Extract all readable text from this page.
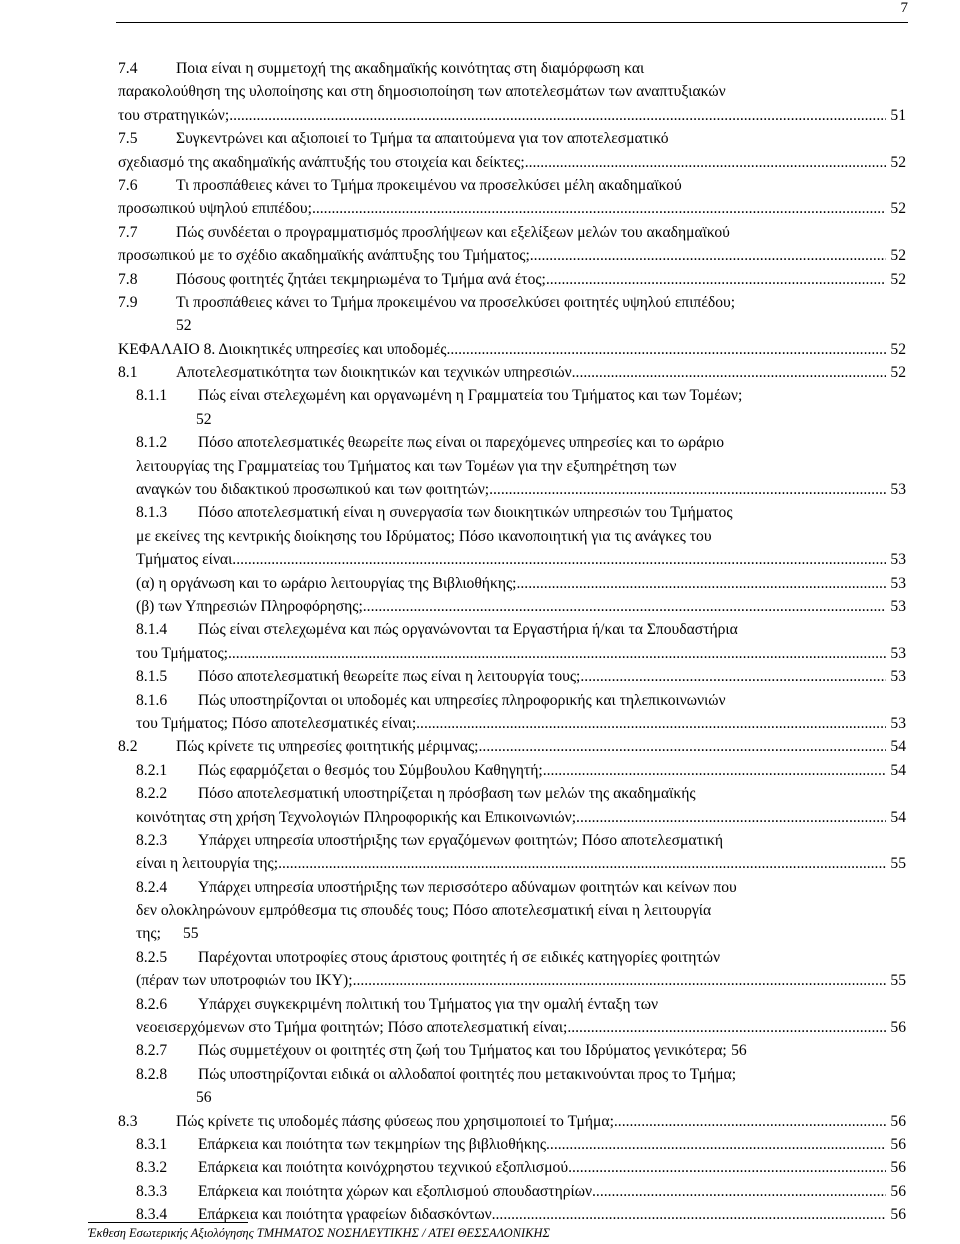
7
7.4 Ποια είναι η συμμετοχή της ακαδημαϊκής κοινότητας στη διαμόρφωση και
παρακολούθηση της υλοποίησης και στη δημοσιοποίηση των αποτελεσμάτων των αναπτυξιακών
του στρατηγικών; .....	51
7.5 Συγκεντρώνει και αξιοποιεί το Τμήμα τα απαιτούμενα για τον αποτελεσματικό
σχεδιασμό της ακαδημαϊκής ανάπτυξής του στοιχεία και δείκτες; .....	52
7.6 Τι προσπάθειες κάνει το Τμήμα προκειμένου να προσελκύσει μέλη ακαδημαϊκού
προσωπικού υψηλού επιπέδου; .....	52
7.7 Πώς συνδέεται ο προγραμματισμός προσλήψεων και εξελίξεων μελών του ακαδημαϊκού
προσωπικού με το σχέδιο ακαδημαϊκής ανάπτυξης του Τμήματος; .....	52
7.8 Πόσους φοιτητές ζητάει τεκμηριωμένα το Τμήμα ανά έτος; .....	52
7.9 Τι προσπάθειες κάνει το Τμήμα προκειμένου να προσελκύσει φοιτητές υψηλού επιπέδου;
52
ΚΕΦΑΛΑΙΟ 8. Διοικητικές υπηρεσίες και υποδομές .....	52
8.1 Αποτελεσματικότητα των διοικητικών και τεχνικών υπηρεσιών .....	52
8.1.1 Πώς είναι στελεχωμένη και οργανωμένη η Γραμματεία του Τμήματος και των Τομέων;
52
8.1.2 Πόσο αποτελεσματικές θεωρείτε πως είναι οι παρεχόμενες υπηρεσίες και το ωράριο
λειτουργίας της Γραμματείας του Τμήματος και των Τομέων για την εξυπηρέτηση των
αναγκών του διδακτικού προσωπικού και των φοιτητών; .....	53
8.1.3 Πόσο αποτελεσματική είναι η συνεργασία των διοικητικών υπηρεσιών του Τμήματος
με εκείνες της κεντρικής διοίκησης του Ιδρύματος; Πόσο ικανοποιητική για τις ανάγκες του
Τμήματος είναι .....	53
(α) η οργάνωση και το ωράριο λειτουργίας της Βιβλιοθήκης; .....	53
(β) των Υπηρεσιών Πληροφόρησης; .....	53
8.1.4 Πώς είναι στελεχωμένα και πώς οργανώνονται τα Εργαστήρια ή/και τα Σπουδαστήρια
του Τμήματος; .....	53
8.1.5 Πόσο αποτελεσματική θεωρείτε πως είναι η λειτουργία τους; .....	53
8.1.6 Πώς υποστηρίζονται οι υποδομές και υπηρεσίες πληροφορικής και τηλεπικοινωνιών
του Τμήματος; Πόσο αποτελεσματικές είναι; .....	53
8.2 Πώς κρίνετε τις υπηρεσίες φοιτητικής μέριμνας; .....	54
8.2.1 Πώς εφαρμόζεται ο θεσμός του Σύμβουλου Καθηγητή; .....	54
8.2.2 Πόσο αποτελεσματική υποστηρίζεται η πρόσβαση των μελών της ακαδημαϊκής
κοινότητας στη χρήση Τεχνολογιών Πληροφορικής και Επικοινωνιών; .....	54
8.2.3 Υπάρχει υπηρεσία υποστήριξης των εργαζόμενων φοιτητών; Πόσο αποτελεσματική
είναι η λειτουργία της; .....	55
8.2.4 Υπάρχει υπηρεσία υποστήριξης των περισσότερο αδύναμων φοιτητών και κείνων που
δεν ολοκληρώνουν εμπρόθεσμα τις σπουδές τους; Πόσο αποτελεσματική είναι η λειτουργία
της; 55
8.2.5 Παρέχονται υποτροφίες στους άριστους φοιτητές ή σε ειδικές κατηγορίες φοιτητών
(πέραν των υποτροφιών του ΙΚΥ); .....	55
8.2.6 Υπάρχει συγκεκριμένη πολιτική του Τμήματος για την ομαλή ένταξη των
νεοεισερχόμενων στο Τμήμα φοιτητών; Πόσο αποτελεσματική είναι; .....	56
8.2.7 Πώς συμμετέχουν οι φοιτητές στη ζωή του Τμήματος και του Ιδρύματος γενικότερα; 56
8.2.8 Πώς υποστηρίζονται ειδικά οι αλλοδαποί φοιτητές που μετακινούνται προς το Τμήμα;
56
8.3 Πώς κρίνετε τις υποδομές πάσης φύσεως που χρησιμοποιεί το Τμήμα; .....	56
8.3.1 Επάρκεια και ποιότητα των τεκμηρίων της βιβλιοθήκης. .....	56
8.3.2 Επάρκεια και ποιότητα κοινόχρηστου τεχνικού εξοπλισμού. .....	56
8.3.3 Επάρκεια και ποιότητα χώρων και εξοπλισμού σπουδαστηρίων. .....	56
8.3.4 Επάρκεια και ποιότητα γραφείων διδασκόντων. .....	56
Έκθεση Εσωτερικής Αξιολόγησης ΤΜΗΜΑΤΟΣ ΝΟΣΗΛΕΥΤΙΚΗΣ / ΑΤΕΙ ΘΕΣΣΑΛΟΝΙΚΗΣ
